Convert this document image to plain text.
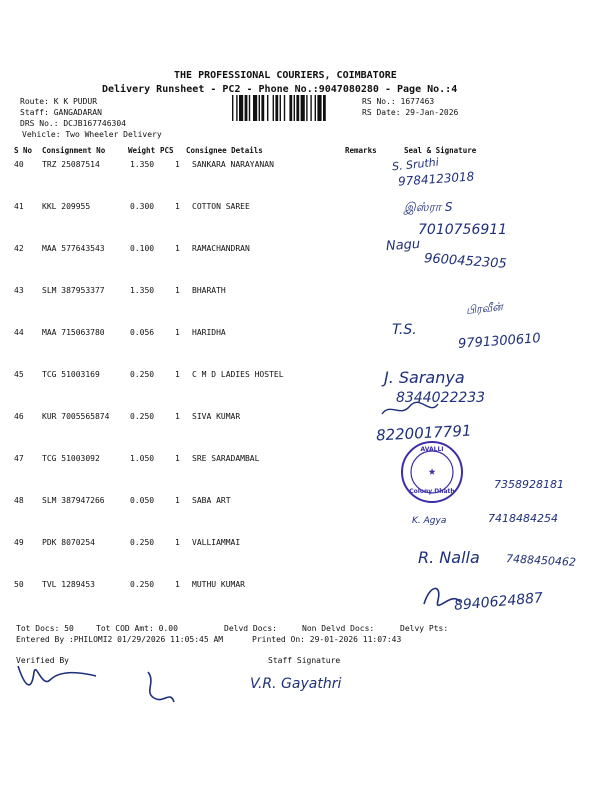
THE PROFESSIONAL COURIERS, COIMBATORE
Delivery Runsheet - PC2 - Phone No.:9047080280 - Page No.:4
Route: K K PUDUR
Staff: GANGADARAN
DRS No.: DCJB167746304
Vehicle: Two Wheeler Delivery
RS No.: 1677463
RS Date: 29-Jan-2026
S No Consignment No	Weight PCS Consignee Details	Remarks	Seal & Signature
40 TRZ 25087514	1.350	1 SANKARA NARAYANAN
41 KKL 209955	0.300	1 COTTON SAREE
42 MAA 577643543	0.100	1 RAMACHANDRAN
43 SLM 387953377	1.350	1 BHARATH
44 MAA 715063780	0.056	1 HARIDHA
45 TCG 51003169	0.250	1 C M D LADIES HOSTEL
46 KUR 7005565874	0.250	1 SIVA KUMAR
47 TCG 51003092	1.050	1 SRE SARADAMBAL
48 SLM 387947266	0.050	1 SABA ART
49 PDK 8070254	0.250	1 VALLIAMMAI
50 TVL 1289453	0.250	1 MUTHU KUMAR
S. Sruthi
9784123018
இஸ்ரா S
7010756911
Nagu
9600452305
பிரவீன்
T.S.
9791300610
J. Saranya
8344022233
8220017791
7358928181
K. Agya	7418484254
R. Nalla 7488450462
8940624887
AVALLI
★
Colony Dhath
Tot Docs: 50	Tot COD Amt: 0.00	Delvd Docs:	Non Delvd Docs:	Delvy Pts:
Entered By :PHILOMI2 01/29/2026 11:05:45 AM	Printed On: 29-01-2026 11:07:43
Verified By	Staff Signature
V.R. Gayathri
